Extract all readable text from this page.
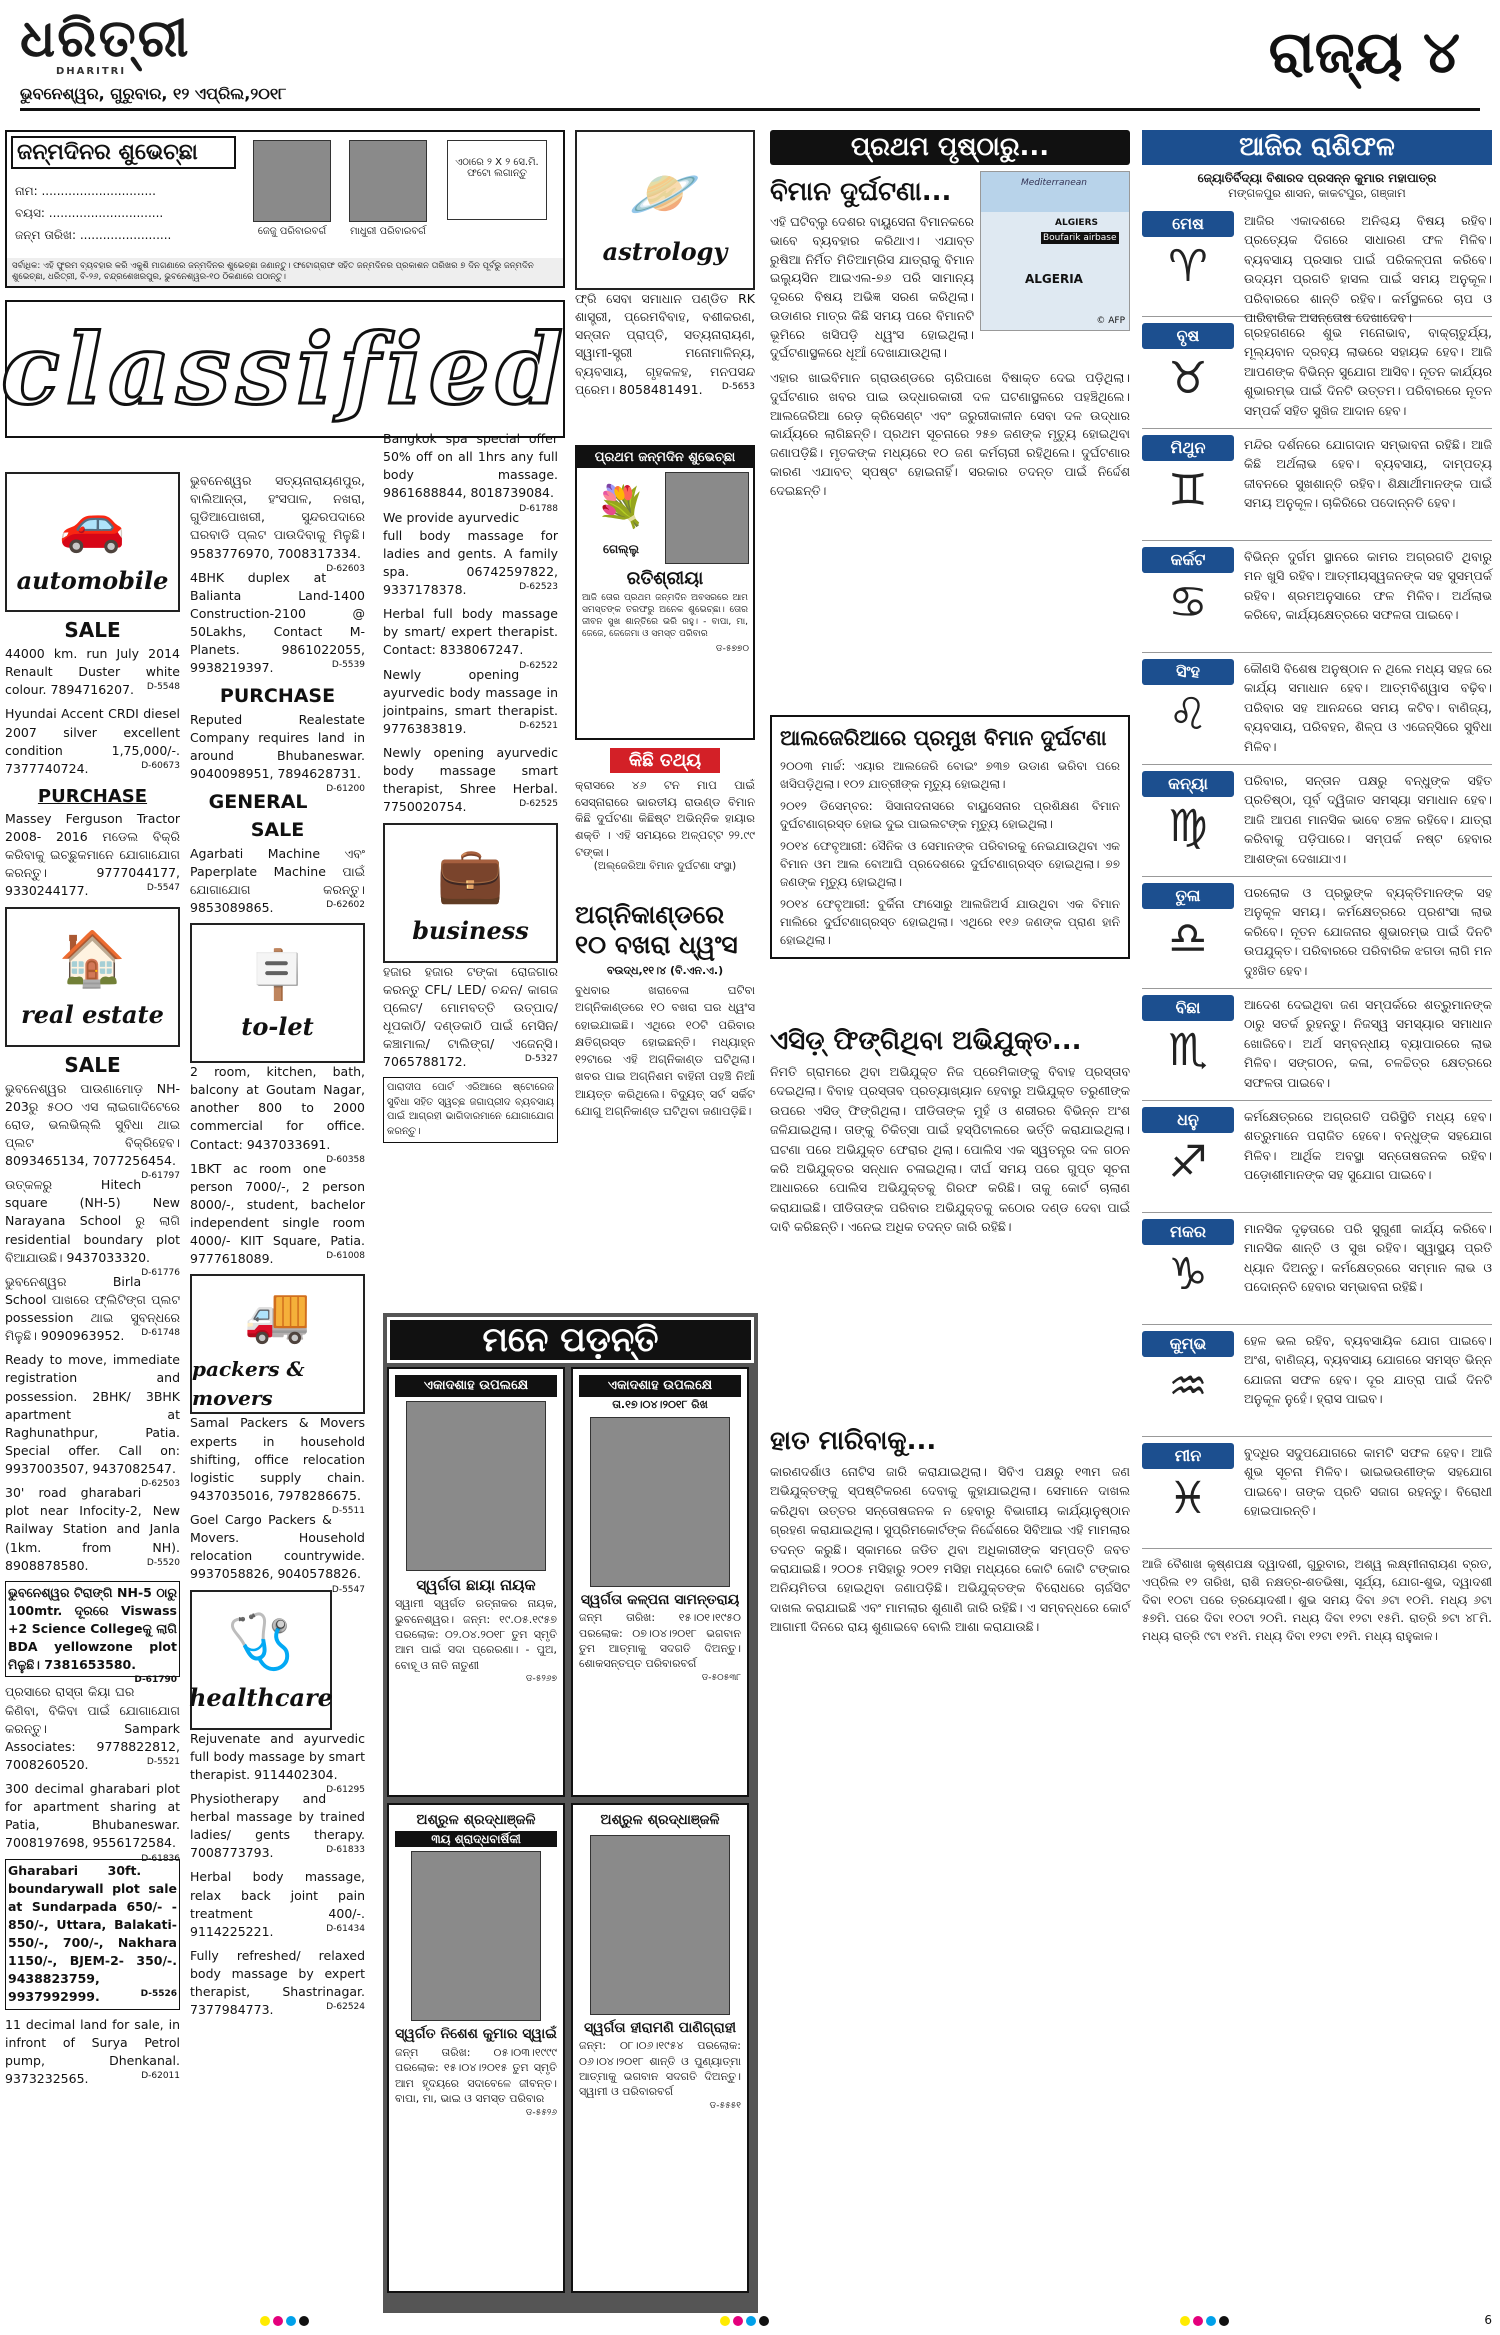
ଧରିତ୍ରୀ
DHARITRI
ଭୁବନେଶ୍ୱର, ଗୁରୁବାର, ୧୨ ଏପ୍ରିଲ,୨୦୧୮
ରାଜ୍ୟ ୪
ଜନ୍ମଦିନର ଶୁଭେଚ୍ଛା
ନାମ: ..............................
ବୟସ: ..............................
ଜନ୍ମ ତାରିଖ: ........................	ଜେଜୁ ପରିବାରବର୍ଗ	ମାଧୁରୀ ପରିବାରବର୍ଗ
ଏଠାରେ ୨ X ୨ ସେ.ମି. ଫଟୋ ଲଗାନ୍ତୁ
ସର୍ବାଧିକ: ଏହି ଫୁରମ ବ୍ୟବହାର କରି ଏକୁଶି ମାଗଣାରେ ଜନ୍ମଦିନର ଶୁଭେଚ୍ଛା ଜଣାନ୍ତୁ। ଫଟୋଗ୍ରାଫ ସହିତ ଜନ୍ମଦିନର ପ୍ରକାଶନ ତାରିଖର ୭ ଦିନ ପୂର୍ବରୁ ଜନ୍ମଦିନ ଶୁଭେଚ୍ଛା, ଧରିତ୍ରୀ, ବି-୨୬, ଚନ୍ଦ୍ରଶେଖରପୁର, ଭୁବନେଶ୍ୱର-୧୦ ଠିକଣାରେ ପଠାନ୍ତୁ।
classified
🚗
automobile
SALE

44000 km. run July 2014 Renault Duster white colour. 7894716207. D-5548

Hyundai Accent CRDI diesel 2007 silver excellent condition 1,75,000/-. 7377740724.	D-60673

PURCHASE

Massey Ferguson Tractor 2008- 2016 ମଡେଲ ବିକ୍ରି କରିବାକୁ ଇଚ୍ଛୁକମାନେ ଯୋଗାଯୋଗ କରନ୍ତୁ। 9777044177, 9330244177.	D-5547

🏠
real estate
SALE

ଭୁବନେଶ୍ୱର ପାଉଣାମୋଡ଼ NH-203ରୁ ୫୦୦ ଏସ ଲାଇଗାଦିଟେରେ ରୋଡ, ଭଲଭିଲ୍ଲି ସୁବିଧା ଥାଇ ପ୍ଲଟ ବିକ୍ରିହେବ। 8093465134, 7077256454.
D-61797

ଉତ୍କଳରୁ Hitech square (NH-5) New Narayana School ରୁ ଲାଗି residential boundary plot ବିଆଯାଉଛି। 9437033320.
D-61776

ଭୁବନେଶ୍ୱର Birla School ପାଖରେ ଫ୍ଲିଟିଙ୍ଗ ପ୍ଲଟ possession ଥାଇ ସୁବନ୍ଧରେ ମିଳୁଛି। 9090963952. D-61748

Ready to move, immediate registration and possession. 2BHK/ 3BHK apartment at Raghunathpur, Patia. Special offer. Call on: 9937003507, 9437082547.
D-62503

30' road gharabari plot near Infocity-2, New Railway Station and Janla (1km. from NH). 8908878580.	D-5520

ଭୁବନେଶ୍ୱର ଟିରାଙ୍ଗି NH-5 ଠାରୁ 100mtr. ଦୂରରେ Viswass +2 Science Collegeକୁ ଲାଗି BDA yellowzone plot ମିଳୁଛି। 7381653580.
D-61790

ପ୍ରସାରେ ରାସ୍ତା କିୟା ଘର କିଣିବା, ବିକିବା ପାଇଁ ଯୋଗାଯୋଗ କରନ୍ତୁ। Sampark Associates: 9778822812, 7008260520.	D-5521

300 decimal gharabari plot for apartment sharing at Patia, Bhubaneswar. 7008197698, 9556172584.
D-61836

Gharabari 30ft. boundarywall plot sale at Sundarpada 650/- - 850/-, Uttara, Balakati-550/-, 700/-, Nakhara 1150/-, BJEM-2- 350/-. 9438823759, 9937992999.	D-5526

11 decimal land for sale, in infront of Surya Petrol pump, Dhenkanal. 9373232565.	D-62011

ଭୁବନେଶ୍ୱର ସତ୍ୟନାରାୟଣପୁର, ବାଲିଆନ୍ତା, ହଂସପାଳ, ନଖରା, ଗୁଡିଆପୋଖରୀ, ସୁନ୍ଦରପଦାରେ ଘରବାଡି ପ୍ଲଟ ପାଉଦିବାକୁ ମିଳୁଛି। 9583776970, 7008317334.
D-62603

4BHK duplex at Balianta Land-1400 Construction-2100 @ 50Lakhs, Contact M-Planets. 9861022055, 9938219397.	D-5539

PURCHASE

Reputed Realestate Company requires land in around Bhubaneswar. 9040098951, 7894628731.
D-61200

GENERAL
SALE

Agarbati Machine ଏବଂ Paperplate Machine ପାଇଁ ଯୋଗାଯୋଗ କରନ୍ତୁ। 9853089865.	D-62602

🪧
to-let

2 room, kitchen, bath, balcony at Goutam Nagar, another 800 to 2000 commercial for office. Contact: 9437033691.
D-60358

1BKT ac room one person 7000/-, 2 person 8000/-, student, bachelor independent single room 4000/- KIIT Square, Patia. 9777618089.	D-61008

🚚
packers & movers

Samal Packers & Movers experts in household shifting, office relocation logistic supply chain. 9437035016, 7978286675.
D-5511

Goel Cargo Packers & Movers. Household relocation countrywide. 9937058826, 9040578826.
D-5547

🩺
healthcare

Rejuvenate and ayurvedic full body massage by smart therapist. 9114402304.
D-61295

Physiotherapy and herbal massage by trained ladies/ gents therapy. 7008773793.	D-61833

Herbal body massage, relax back joint pain treatment 400/-. 9114225221.	D-61434

Fully refreshed/ relaxed body massage by expert therapist, Shastrinagar. 7377984773.	D-62524

🪐
astrology

ଫ୍ରି ସେବା ସମାଧାନ ପଣ୍ଡିତ RK ଶାସ୍ତ୍ରୀ, ପ୍ରେମବିବାହ, ବଶୀକରଣ, ସନ୍ତାନ ପ୍ରାପ୍ତି, ସତ୍ୟନାରାୟଣ, ସ୍ୱାମୀ-ସ୍ତ୍ରୀ ମନୋମାଳିନ୍ୟ, ବ୍ୟବସାୟ, ଗୃହକଳହ, ମନପସନ୍ଦ ପ୍ରେମ। 8058481491. D-5653

Bangkok spa special offer 50% off on all 1hrs any full body massage. 9861688844, 8018739084.
D-61788

We provide ayurvedic full body massage for ladies and gents. A family spa. 06742597822, 9337178378.	D-62523

Herbal full body massage by smart/ expert therapist. Contact: 8338067247.
D-62522

Newly opening ayurvedic body massage in jointpains, smart therapist. 9776383819.	D-62521

Newly opening ayurvedic body massage smart therapist, Shree Herbal. 7750020754.	D-62525

💼
business

ହଜାର ହଜାର ଟଙ୍କା ରୋଜଗାର କରନ୍ତୁ CFL/ LED/ ଚନ୍ଦନ/ କାଗଜ ପ୍ଲେଟ/ ମୋମବତ୍ତି ଉତ୍ପାଦ/ ଧୂପକାଠି/ ଦଣ୍ଡକାଠି ପାଇଁ ମେସିନ/ କଞ୍ଚାମାଲ/ ଟାଲିଙ୍ଗ/ ଏଜେନ୍ସି। 7065788172.	D-5327

ପାରାଦୀପ ପୋର୍ଟ ଏରିଆରେ ଷ୍ଟୋରେଜ ସୁବିଧା ସହିତ ସ୍ୱଚ୍ଛ ଜଗାପ୍ରୀଦ ବ୍ୟବସାୟ ପାଇଁ ଆଗ୍ରହୀ ଭାଗିଦାରମାନେ ଯୋଗାଯୋଗ କରନ୍ତୁ।

ପ୍ରଥମ ଜନ୍ମଦିନ ଶୁଭେଚ୍ଛା
💐
ଗେଲ୍ଲୁ
ରତିଶ୍ରୀୟା
ଆଜି ତୋର ପ୍ରଥମ ଜନ୍ମଦିନ ଅବସରରେ ଆମ ସମସ୍ତଙ୍କ ତରଫରୁ ଅନେକ ଶୁଭେଚ୍ଛା। ତୋର ଜୀବନ ସୁଖ ଶାନ୍ତିରେ ଭରି ରହୁ। - ବାପା, ମା, ଜେଜେ, ଜେଜେମା ଓ ସମସ୍ତ ପରିବାର
ଡ-୫୭୭୦
କିଛି ତଥ୍ୟ
କ୍ରାସରେ ୪୬ ଟନ ମାପ ପାଇଁ ସେସ୍ନାରାରେ ଭାରତୀୟ ରାଉଣ୍ଡ ବିମାନ କିଛି ଦୁର୍ଘଟଣା କିଛିଷ୍ଟ ଅଭିନ୍ନିକ ହାୟାର ଶକ୍ତି । ଏହି ସମୟରେ ଅଳ୍ପଟ୍ଟ ୨୨.୯୯ ଟଙ୍କା।
(ଅଲ୍ଜେରିଆ ବିମାନ ଦୁର୍ଘଟଣା ସଂସ୍ଥା)
ଅଗ୍ନିକାଣ୍ଡରେ ୧୦ ବଖରା ଧ୍ୱଂସ
ବଉଦ୍ଧ,୧୧।୪ (ବି.ଏନ.ଏ.)
ବୁଧବାର ଖରାବେଳା ଘଟିବା ଅଗ୍ନିକାଣ୍ଡରେ ୧୦ ବଖରା ଘର ଧ୍ୱଂସ ହୋଇଯାଇଛି। ଏଥିରେ ୧୦ଟି ପରିବାର କ୍ଷତିଗ୍ରସ୍ତ ହୋଇଛନ୍ତି। ମଧ୍ୟାହ୍ନ ୧୨ଟାରେ ଏହି ଅଗ୍ନିକାଣ୍ଡ ଘଟିଥିଲା। ଖବର ପାଇ ଅଗ୍ନିଶମ ବାହିନୀ ପହଞ୍ଚି ନିଆଁ ଆୟତ୍ତ କରିଥିଲେ। ବିଦ୍ୟୁତ୍ ସର୍ଟ ସର୍କିଟ ଯୋଗୁ ଅଗ୍ନିକାଣ୍ଡ ଘଟିଥିବା ଜଣାପଡ଼ିଛି।
ମନେ ପଡ଼ନ୍ତି
ଏକାଦଶାହ ଉପଲକ୍ଷେ
ସ୍ୱର୍ଗତା ଛାୟା ନାୟକ
ସ୍ୱାମୀ ସ୍ୱର୍ଗତ ରତ୍ନାକର ନାୟକ, ଭୁବନେଶ୍ୱର। ଜନ୍ମ: ୧୯.୦୫.୧୯୫୭ ପରଲୋକ: ୦୨.୦୪.୨୦୧୮ ତୁମ ସ୍ମୃତି ଆମ ପାଇଁ ସଦା ପ୍ରେରଣା। - ପୁଅ, ବୋହୂ ଓ ନାତି ନାତୁଣୀ
ଡ-୫୨୬୭
ଏକାଦଶାହ ଉପଲକ୍ଷେ
ତା.୧୭।୦୪।୨୦୧୮ ରିଖ
ସ୍ୱର୍ଗତା କଳ୍ପନା ସାମନ୍ତରାୟ
ଜନ୍ମ ତାରିଖ: ୧୫।୦୧।୧୯୫୦ ପରଲୋକ: ୦୭।୦୪।୨୦୧୮ ଭଗବାନ ତୁମ ଆତ୍ମାକୁ ସଦଗତି ଦିଅନ୍ତୁ। ଶୋକସନ୍ତପ୍ତ ପରିବାରବର୍ଗ
ଡ-୫୦୫୩୮
ଅଶ୍ରୁଳ ଶ୍ରଦ୍ଧାଞ୍ଜଳି
୩ୟ ଶ୍ରାଦ୍ଧବାର୍ଷିକୀ
ସ୍ୱର୍ଗତ ନିଶେଶ କୁମାର ସ୍ୱାଇଁ
ଜନ୍ମ ତାରିଖ: ୦୫।୦୩।୧୯୯୯ ପରଲୋକ: ୧୫।୦୪।୨୦୧୫ ତୁମ ସ୍ମୃତି ଆମ ହୃଦୟରେ ସଦାବେଳେ ଜୀବନ୍ତ। ବାପା, ମା, ଭାଇ ଓ ସମସ୍ତ ପରିବାର
ଡ-୫୫୨୬
ଅଶ୍ରୁଳ ଶ୍ରଦ୍ଧାଞ୍ଜଳି
ସ୍ୱର୍ଗତା ହୀରାମଣି ପାଣିଗ୍ରାହୀ
ଜନ୍ମ: ୦୮।୦୬।୧୯୫୪ ପରଲୋକ: ୦୬।୦୪।୨୦୧୮ ଶାନ୍ତି ଓ ପୁଣ୍ୟାତ୍ମା ଆତ୍ମାକୁ ଭଗବାନ ସଦଗତି ଦିଅନ୍ତୁ। ସ୍ୱାମୀ ଓ ପରିବାରବର୍ଗ
ଡ-୫୫୫୧
ପ୍ରଥମ ପୃଷ୍ଠାରୁ...
ବିମାନ ଦୁର୍ଘଟଣା...
ଏହି ଘଟିବ୍ଲୁ ଦେଶର ବାୟୁସେନା ବିମାନକରେ ଭାବେ ବ୍ୟବହାର କରିଥାଏ। ଏଯାବ୍ତ ରୁଷିଆ ନିର୍ମିତ ମିତିଆମ୍ରିସ ଯାତ୍ରାକୁ ବିମାନ ଇଲ୍ୟୁସିନ ଆଇଏଲ-୭୬ ପରି ସାମାନ୍ୟ ଦୂରରେ ବିଷୟ ଅଭିଜ୍ଞ ସରଣ କରିଥିଲା। ଉଡାଣର ମାତ୍ର କିଛି ସମୟ ପରେ ବିମାନଟି ଭୂମିରେ ଖସିପଡ଼ି ଧ୍ୱଂସ ହୋଇଥିଲା। ଦୁର୍ଘଟଣାସ୍ଥଳରେ ଧୂଆଁ ଦେଖାଯାଉଥିଲା।
Mediterranean
ALGIERS
Boufarik airbase
ALGERIA
© AFP
ଏହାର ଖାଇବିମାନ ଗ୍ରାଉଣ୍ଡରେ ଚାରିପାଖେ ବିଷାକ୍ତ ଦେଇ ପଡ଼ିଥିଲା। ଦୁର୍ଘଟଣାର ଖବର ପାଇ ଉଦ୍ଧାରକାରୀ ଦଳ ଘଟଣାସ୍ଥଳରେ ପହଞ୍ଚିଥିଲେ। ଆଲଜେରିଆ ରେଡ଼ କ୍ରିସେଣ୍ଟ ଏବଂ ଜରୁରୀକାଳୀନ ସେବା ଦଳ ଉଦ୍ଧାର କାର୍ଯ୍ୟରେ ଲାଗିଛନ୍ତି। ପ୍ରଥମ ସୂଚନାରେ ୨୫୭ ଜଣଙ୍କ ମୃତ୍ୟୁ ହୋଇଥିବା ଜଣାପଡ଼ିଛି। ମୃତକଙ୍କ ମଧ୍ୟରେ ୧୦ ଜଣ କର୍ମଚାରୀ ରହିଥିଲେ। ଦୁର୍ଘଟଣାର କାରଣ ଏଯାବତ୍ ସ୍ପଷ୍ଟ ହୋଇନାହିଁ। ସରକାର ତଦନ୍ତ ପାଇଁ ନିର୍ଦ୍ଦେଶ ଦେଇଛନ୍ତି।
ଆଲଜେରିଆରେ ପ୍ରମୁଖ ବିମାନ ଦୁର୍ଘଟଣା

୨୦୦୩ ମାର୍ଚ୍ଚ: ଏୟାର ଆଲଜେରି ବୋଇଂ ୭୩୭ ଉଡାଣ ଭରିବା ପରେ ଖସିପଡ଼ିଥିଲା। ୧୦୨ ଯାତ୍ରୀଙ୍କ ମୃତ୍ୟୁ ହୋଇଥିଲା।

୨୦୧୨ ଡିସେମ୍ବର: ସିସାନାଦନାସରେ ବାୟୁସେନାର ପ୍ରଶିକ୍ଷଣ ବିମାନ ଦୁର୍ଘଟଣାଗ୍ରସ୍ତ ହୋଇ ଦୁଇ ପାଇଲଟଙ୍କ ମୃତ୍ୟୁ ହୋଇଥିଲା।

୨୦୧୪ ଫେବୃଆରୀ: ସୈନିକ ଓ ସେମାନଙ୍କ ପରିବାରକୁ ନେଇଯାଉଥିବା ଏକ ବିମାନ ଓମ ଆଲ ବୋଆଘି ପ୍ରଦେଶରେ ଦୁର୍ଘଟଣାଗ୍ରସ୍ତ ହୋଇଥିଲା। ୭୭ ଜଣଙ୍କ ମୃତ୍ୟୁ ହୋଇଥିଲା।

୨୦୧୪ ଫେବୃଆରୀ: ବୁର୍କିନା ଫାସୋରୁ ଆଲଜିଅର୍ସ ଯାଉଥିବା ଏକ ବିମାନ ମାଲିରେ ଦୁର୍ଘଟଣାଗ୍ରସ୍ତ ହୋଇଥିଲା। ଏଥିରେ ୧୧୬ ଜଣଙ୍କ ପ୍ରାଣ ହାନି ହୋଇଥିଲା।

ଏସିଡ଼୍ ଫିଙ୍ଗିଥିବା ଅଭିଯୁକ୍ତ...
ନିମତି ଗ୍ରାମରେ ଥିବା ଅଭିଯୁକ୍ତ ନିଜ ପ୍ରେମିକାଙ୍କୁ ବିବାହ ପ୍ରସ୍ତାବ ଦେଇଥିଲା। ବିବାହ ପ୍ରସ୍ତାବ ପ୍ରତ୍ୟାଖ୍ୟାନ ହେବାରୁ ଅଭିଯୁକ୍ତ ତରୁଣୀଙ୍କ ଉପରେ ଏସିଡ୍ ଫିଙ୍ଗିଥିଲା। ପୀଡିତାଙ୍କ ମୁହଁ ଓ ଶରୀରର ବିଭିନ୍ନ ଅଂଶ ଜଳିଯାଇଥିଲା। ତାଙ୍କୁ ଚିକିତ୍ସା ପାଇଁ ହସ୍ପିଟାଲରେ ଭର୍ତ୍ତି କରାଯାଇଥିଲା। ଘଟଣା ପରେ ଅଭିଯୁକ୍ତ ଫେରାର ଥିଲା। ପୋଲିସ ଏକ ସ୍ୱତନ୍ତ୍ର ଦଳ ଗଠନ କରି ଅଭିଯୁକ୍ତର ସନ୍ଧାନ ଚଳାଇଥିଲା। ଦୀର୍ଘ ସମୟ ପରେ ଗୁପ୍ତ ସୂଚନା ଆଧାରରେ ପୋଲିସ ଅଭିଯୁକ୍ତକୁ ଗିରଫ କରିଛି। ତାକୁ କୋର୍ଟ ଚାଲାଣ କରାଯାଇଛି। ପୀଡିତାଙ୍କ ପରିବାର ଅଭିଯୁକ୍ତକୁ କଠୋର ଦଣ୍ଡ ଦେବା ପାଇଁ ଦାବି କରିଛନ୍ତି। ଏନେଇ ଅଧିକ ତଦନ୍ତ ଜାରି ରହିଛି।
ହାତ ମାରିବାକୁ...
କାରଣଦର୍ଶାଓ ନୋଟିସ ଜାରି କରାଯାଇଥିଲା। ସିବିଏ ପକ୍ଷରୁ ୧୩ମ ଜଣ ଅଭିଯୁକ୍ତଙ୍କୁ ସ୍ପଷ୍ଟିକରଣ ଦେବାକୁ କୁହାଯାଇଥିଲା। ସେମାନେ ଦାଖଲ କରିଥିବା ଉତ୍ତର ସନ୍ତୋଷଜନକ ନ ହେବାରୁ ବିଭାଗୀୟ କାର୍ଯ୍ୟାନୁଷ୍ଠାନ ଗ୍ରହଣ କରାଯାଇଥିଲା। ସୁପ୍ରିମକୋର୍ଟଙ୍କ ନିର୍ଦ୍ଦେଶରେ ସିବିଆଇ ଏହି ମାମଲାର ତଦନ୍ତ କରୁଛି। ସ୍କାମରେ ଜଡିତ ଥିବା ଅଧିକାରୀଙ୍କ ସମ୍ପତ୍ତି ଜବତ କରାଯାଇଛି। ୨୦୦୫ ମସିହାରୁ ୨୦୧୨ ମସିହା ମଧ୍ୟରେ କୋଟି କୋଟି ଟଙ୍କାର ଅନିୟମିତତା ହୋଇଥିବା ଜଣାପଡ଼ିଛି। ଅଭିଯୁକ୍ତଙ୍କ ବିରୋଧରେ ଚାର୍ଜସିଟ ଦାଖଲ କରାଯାଇଛି ଏବଂ ମାମଲାର ଶୁଣାଣି ଜାରି ରହିଛି। ଏ ସମ୍ବନ୍ଧରେ କୋର୍ଟ ଆଗାମୀ ଦିନରେ ରାୟ ଶୁଣାଇବେ ବୋଲି ଆଶା କରାଯାଉଛି।
ଆଜିର ରାଶିଫଳ
ଜ୍ୟୋତିର୍ବିଦ୍ୟା ବିଶାରଦ ପ୍ରସନ୍ନ କୁମାର ମହାପାତ୍ର
ମଙ୍ଗଳପୁର ଶାସନ, କାକଟପୁର, ଗଞ୍ଜାମ
ମେଷ
♈
ଆଜିର ଏକାଦଶରେ ଅନିଶ୍ଚୟ ବିଷୟ ରହିବ। ପ୍ରତ୍ୟେକ ଦିଗରେ ସାଧାରଣ ଫଳ ମିଳିବ। ବ୍ୟବସାୟ ପ୍ରସାର ପାଇଁ ପରିକଳ୍ପନା କରିବେ। ଉଦ୍ୟମ ପ୍ରଗତି ହାସଲ ପାଇଁ ସମୟ ଅନୁକୂଳ। ପରିବାରରେ ଶାନ୍ତି ରହିବ। କର୍ମସ୍ଥଳରେ ଚାପ ଓ ପାରିବାରିକ ଅସନ୍ତୋଷ ଦେଖାଦେବ।
ବୃଷ
♉
ଗ୍ରହଗଣରେ ଶୁଭ ମନୋଭାବ, ବାକ୍ଚାତୁର୍ଯ୍ୟ, ମୂଲ୍ୟବାନ ଦ୍ରବ୍ୟ ଲାଭରେ ସହାୟକ ହେବ। ଆଜି ଆପଣଙ୍କ ବିଭିନ୍ନ ସୁଯୋଗ ଆସିବ। ନୂତନ କାର୍ଯ୍ୟର ଶୁଭାରମ୍ଭ ପାଇଁ ଦିନଟି ଉତ୍ତମ। ପରିବାରରେ ନୂତନ ସମ୍ପର୍କ ସହିତ ସୁଖିଜ ଆଦାନ ହେବ।
ମିଥୁନ
♊
ମନ୍ଦିର ଦର୍ଶନରେ ଯୋଗଦାନ ସମ୍ଭାବନା ରହିଛି। ଆଜି କିଛି ଅର୍ଥଲାଭ ହେବ। ବ୍ୟବସାୟ, ଦାମ୍ପତ୍ୟ ଜୀବନରେ ସୁଖଶାନ୍ତି ରହିବ। ଶିକ୍ଷାର୍ଥୀମାନଙ୍କ ପାଇଁ ସମୟ ଅନୁକୂଳ। ଚାକିରିରେ ପଦୋନ୍ନତି ହେବ।
କର୍କଟ
♋
ବିଭିନ୍ନ ଦୁର୍ଗମ ସ୍ଥାନରେ କାମର ଅଗ୍ରଗତି ଥିବାରୁ ମନ ଖୁସି ରହିବ। ଆତ୍ମୀୟସ୍ୱଜନଙ୍କ ସହ ସୁସମ୍ପର୍କ ରହିବ। ଶ୍ରମଅନୁସାରେ ଫଳ ମିଳିବ। ଅର୍ଥଲାଭ କରିବେ, କାର୍ଯ୍ୟକ୍ଷେତ୍ରରେ ସଫଳତା ପାଇବେ।
ସିଂହ
♌
କୌଣସି ବିଶେଷ ଅନୁଷ୍ଠାନ ନ ଥିଲେ ମଧ୍ୟ ସହଜ ରେ କାର୍ଯ୍ୟ ସମାଧାନ ହେବ। ଆତ୍ମବିଶ୍ୱାସ ବଢ଼ିବ। ପରିବାର ସହ ଆନନ୍ଦରେ ସମୟ କଟିବ। ବାଣିଜ୍ୟ, ବ୍ୟବସାୟ, ପରିବହନ, ଶିଳ୍ପ ଓ ଏଜେନ୍ସିରେ ସୁବିଧା ମିଳିବ।
କନ୍ୟା
♍
ପରିବାର, ସନ୍ତାନ ପକ୍ଷରୁ ବନ୍ଧୁଙ୍କ ସହିତ ପ୍ରତିଷ୍ଠା, ପୂର୍ବ ଦ୍ୱିଜାତ ସମସ୍ୟା ସମାଧାନ ହେବ। ଆଜି ଆପଣ ମାନସିକ ଭାବେ ଚଞ୍ଚଳ ରହିବେ। ଯାତ୍ରା କରିବାକୁ ପଡ଼ିପାରେ। ସମ୍ପର୍କ ନଷ୍ଟ ହେବାର ଆଶଙ୍କା ଦେଖାଯାଏ।
ତୁଳା
♎
ପରଲୋକ ଓ ପ୍ରଭୁଙ୍କ ବ୍ୟକ୍ତିମାନଙ୍କ ସହ ଅନୁକୂଳ ସମୟ। କର୍ମକ୍ଷେତ୍ରରେ ପ୍ରଶଂସା ଲାଭ କରିବେ। ନୂତନ ଯୋଜନାର ଶୁଭାରମ୍ଭ ପାଇଁ ଦିନଟି ଉପଯୁକ୍ତ। ପରିବାରରେ ପରିବାରିକ ଝଗଡା ଲାଗି ମନ ଦୁଃଖିତ ହେବ।
ବିଛା
♏
ଆଦେଶ ଦେଇଥିବା ଜଣ ସମ୍ପର୍କରେ ଶତ୍ରୁମାନଙ୍କ ଠାରୁ ସତର୍କ ରୁହନ୍ତୁ। ନିଜସ୍ୱ ସମସ୍ୟାର ସମାଧାନ ଖୋଜିବେ। ଅର୍ଥ ସମ୍ବନ୍ଧୀୟ ବ୍ୟାପାରରେ ଲାଭ ମିଳିବ। ସଙ୍ଗଠନ, କଳା, ଚଳଚ୍ଚିତ୍ର କ୍ଷେତ୍ରରେ ସଫଳତା ପାଇବେ।
ଧନୁ
♐
କର୍ମକ୍ଷେତ୍ରରେ ଅଗ୍ରଗତି ପରିସ୍ଥିତି ମଧ୍ୟ ହେବ। ଶତ୍ରୁମାନେ ପରାଜିତ ହେବେ। ବନ୍ଧୁଙ୍କ ସହଯୋଗ ମିଳିବ। ଆର୍ଥିକ ଅବସ୍ଥା ସନ୍ତୋଷଜନକ ରହିବ। ପଡ଼ୋଶୀମାନଙ୍କ ସହ ସୁଯୋଗ ପାଇବେ।
ମକର
♑
ମାନସିକ ଦୃଢ଼ତାରେ ପରି ସୁଗୁଣୀ କାର୍ଯ୍ୟ କରିବେ। ମାନସିକ ଶାନ୍ତି ଓ ସୁଖ ରହିବ। ସ୍ୱାସ୍ଥ୍ୟ ପ୍ରତି ଧ୍ୟାନ ଦିଅନ୍ତୁ। କର୍ମକ୍ଷେତ୍ରରେ ସମ୍ମାନ ଲାଭ ଓ ପଦୋନ୍ନତି ହେବାର ସମ୍ଭାବନା ରହିଛି।
କୁମ୍ଭ
♒
ହେଳ ଭଲ ରହିବ, ବ୍ୟବସାୟିକ ଯୋଗ ପାଇବେ। ଅଂଶ, ବାଣିଜ୍ୟ, ବ୍ୟବସାୟ ଯୋଗରେ ସମସ୍ତ ଭିନ୍ନ ଯୋଜନା ସଫଳ ହେବ। ଦୂର ଯାତ୍ରା ପାଇଁ ଦିନଟି ଅନୁକୂଳ ନୁହେଁ। ହ୍ରାସ ପାଇବ।
ମୀନ
♓
ବୁଦ୍ଧିର ସଦୁପଯୋଗରେ କାମଟି ସଫଳ ହେବ। ଆଜି ଶୁଭ ସୂଚନା ମିଳିବ। ଭାଇଭଉଣୀଙ୍କ ସହଯୋଗ ପାଇବେ। ତାଙ୍କ ପ୍ରତି ସଜାଗ ରହନ୍ତୁ। ବିରୋଧୀ ହୋଇପାରନ୍ତି।
ଆଜି ବୈଶାଖ କୃଷ୍ଣପକ୍ଷ ଦ୍ୱାଦଶୀ, ଗୁରୁବାର, ଅଶ୍ୱ ଲକ୍ଷ୍ମୀନାରାୟଣ ବ୍ରତ, ଏପ୍ରିଲ ୧୨ ତାରିଖ, ରାଶି ନକ୍ଷତ୍ର-ଶତଭିଷା, ସୂର୍ଯ୍ୟ, ଯୋଗ-ଶୁଭ, ଦ୍ୱାଦଶୀ ଦିବା ୧୦ଟା ପରେ ତ୍ରୟୋଦଶୀ। ଶୁଭ ସମୟ ଦିବା ୬ଟା ୧୦ମି. ମଧ୍ୟ ୬ଟା ୫୭ମି. ପରେ ଦିବା ୧୦ଟା ୨୦ମି. ମଧ୍ୟ ଦିବା ୧୨ଟା ୧୫ମି. ରାତ୍ରି ୭ଟା ୪୮ମି. ମଧ୍ୟ ରାତ୍ରି ୯ଟା ୧୪ମି. ମଧ୍ୟ ଦିବା ୧୨ଟା ୧୨ମି. ମଧ୍ୟ ରାହୁକାଳ।
6
